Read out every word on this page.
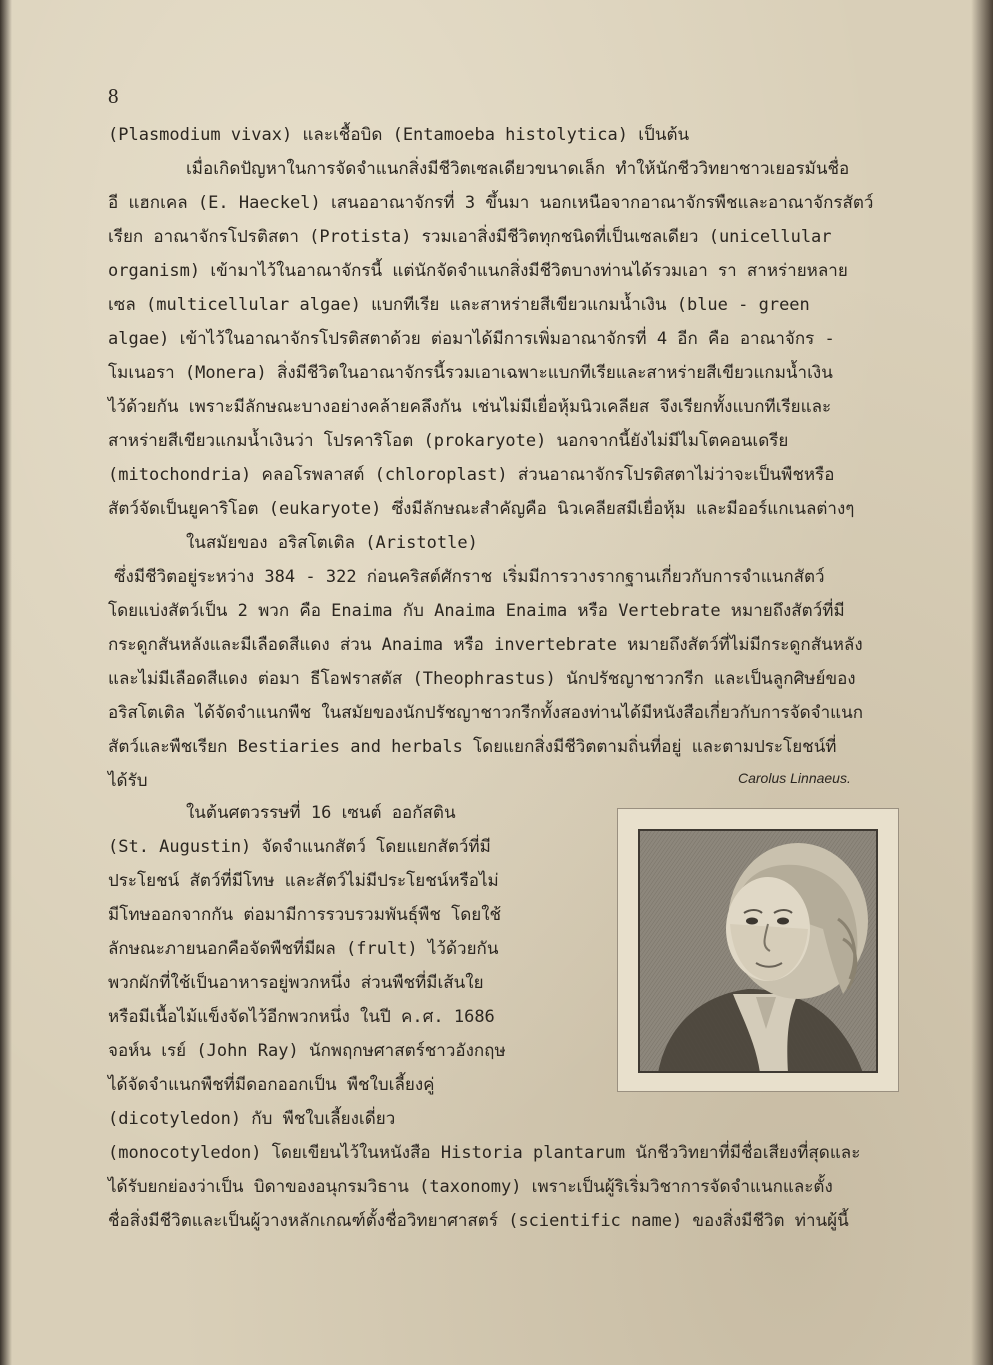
8
(Plasmodium vivax) และเชื้อบิด (Entamoeba histolytica) เป็นต้น
เมื่อเกิดปัญหาในการจัดจำแนกสิ่งมีชีวิตเซลเดียวขนาดเล็ก ทำให้นักชีววิทยาชาวเยอรมันชื่อ
อี แฮกเคล (E. Haeckel) เสนออาณาจักรที่ 3 ขึ้นมา นอกเหนือจากอาณาจักรพืชและอาณาจักรสัตว์
เรียก อาณาจักรโปรติสตา (Protista) รวมเอาสิ่งมีชีวิตทุกชนิดที่เป็นเซลเดียว (unicellular
organism) เข้ามาไว้ในอาณาจักรนี้ แต่นักจัดจำแนกสิ่งมีชีวิตบางท่านได้รวมเอา รา สาหร่ายหลาย
เซล (multicellular algae) แบกทีเรีย และสาหร่ายสีเขียวแกมน้ำเงิน (blue - green
algae) เข้าไว้ในอาณาจักรโปรติสตาด้วย ต่อมาได้มีการเพิ่มอาณาจักรที่ 4 อีก คือ อาณาจักร -
โมเนอรา (Monera) สิ่งมีชีวิตในอาณาจักรนี้รวมเอาเฉพาะแบกทีเรียและสาหร่ายสีเขียวแกมน้ำเงิน
ไว้ด้วยกัน เพราะมีลักษณะบางอย่างคล้ายคลึงกัน เช่นไม่มีเยื่อหุ้มนิวเคลียส จึงเรียกทั้งแบกทีเรียและ
สาหร่ายสีเขียวแกมน้ำเงินว่า โปรคาริโอต (prokaryote) นอกจากนี้ยังไม่มีไมโตคอนเดรีย
(mitochondria) คลอโรพลาสต์ (chloroplast) ส่วนอาณาจักรโปรติสตาไม่ว่าจะเป็นพืชหรือ
สัตว์จัดเป็นยูคาริโอต (eukaryote) ซึ่งมีลักษณะสำคัญคือ นิวเคลียสมีเยื่อหุ้ม และมีออร์แกเนลต่างๆ
ในสมัยของ อริสโตเติล (Aristotle)
ซึ่งมีชีวิตอยู่ระหว่าง 384 - 322 ก่อนคริสต์ศักราช เริ่มมีการวางรากฐานเกี่ยวกับการจำแนกสัตว์
โดยแบ่งสัตว์เป็น 2 พวก คือ Enaima กับ Anaima Enaima หรือ Vertebrate หมายถึงสัตว์ที่มี
กระดูกสันหลังและมีเลือดสีแดง ส่วน Anaima หรือ invertebrate หมายถึงสัตว์ที่ไม่มีกระดูกสันหลัง
และไม่มีเลือดสีแดง ต่อมา ธีโอฟราสตัส (Theophrastus) นักปรัชญาชาวกรีก และเป็นลูกศิษย์ของ
อริสโตเติล ได้จัดจำแนกพืช ในสมัยของนักปรัชญาชาวกรีกทั้งสองท่านได้มีหนังสือเกี่ยวกับการจัดจำแนก
สัตว์และพืชเรียก Bestiaries and herbals โดยแยกสิ่งมีชีวิตตามถิ่นที่อยู่ และตามประโยชน์ที่
ได้รับ	Carolus Linnaeus.
ในต้นศตวรรษที่ 16 เซนต์ ออกัสติน
(St. Augustin) จัดจำแนกสัตว์ โดยแยกสัตว์ที่มี
ประโยชน์ สัตว์ที่มีโทษ และสัตว์ไม่มีประโยชน์หรือไม่
มีโทษออกจากกัน ต่อมามีการรวบรวมพันธุ์พืช โดยใช้
ลักษณะภายนอกคือจัดพืชที่มีผล (frult) ไว้ด้วยกัน
พวกผักที่ใช้เป็นอาหารอยู่พวกหนึ่ง ส่วนพืชที่มีเส้นใย
หรือมีเนื้อไม้แข็งจัดไว้อีกพวกหนึ่ง ในปี ค.ศ. 1686
จอห์น เรย์ (John Ray) นักพฤกษศาสตร์ชาวอังกฤษ
ได้จัดจำแนกพืชที่มีดอกออกเป็น พืชใบเลี้ยงคู่
(dicotyledon) กับ พืชใบเลี้ยงเดี่ยว
(monocotyledon) โดยเขียนไว้ในหนังสือ Historia plantarum นักชีววิทยาที่มีชื่อเสียงที่สุดและ
ได้รับยกย่องว่าเป็น บิดาของอนุกรมวิธาน (taxonomy) เพราะเป็นผู้ริเริ่มวิชาการจัดจำแนกและตั้ง
ชื่อสิ่งมีชีวิตและเป็นผู้วางหลักเกณฑ์ตั้งชื่อวิทยาศาสตร์ (scientific name) ของสิ่งมีชีวิต ท่านผู้นี้
